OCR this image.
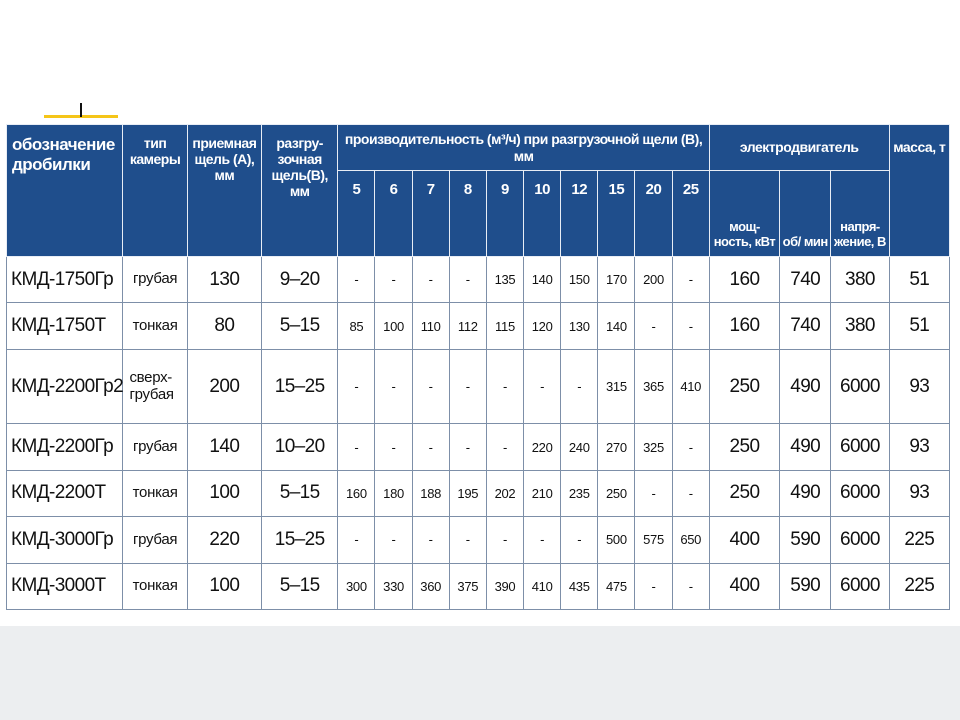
обозначение дробилки	тип камеры	приемная щель (А), мм	разгру-зочная щель(В), мм	производительность (м³/ч) при разгрузочной щели (В), мм										электродвигатель			масса, т
				5	6	7	8	9	10	12	15	20	25	мощ-ность, кВт	об/ мин	напря-жение, В	
КМД-1750Гр	грубая	130	9–20	-	-	-	-	135	140	150	170	200	-	160	740	380	51
КМД-1750Т	тонкая	80	5–15	85	100	110	112	115	120	130	140	-	-	160	740	380	51
КМД-2200Гр2	сверх-грубая	200	15–25	-	-	-	-	-	-	-	315	365	410	250	490	6000	93
КМД-2200Гр	грубая	140	10–20	-	-	-	-	-	220	240	270	325	-	250	490	6000	93
КМД-2200Т	тонкая	100	5–15	160	180	188	195	202	210	235	250	-	-	250	490	6000	93
КМД-3000Гр	грубая	220	15–25	-	-	-	-	-	-	-	500	575	650	400	590	6000	225
КМД-3000Т	тонкая	100	5–15	300	330	360	375	390	410	435	475	-	-	400	590	6000	225
